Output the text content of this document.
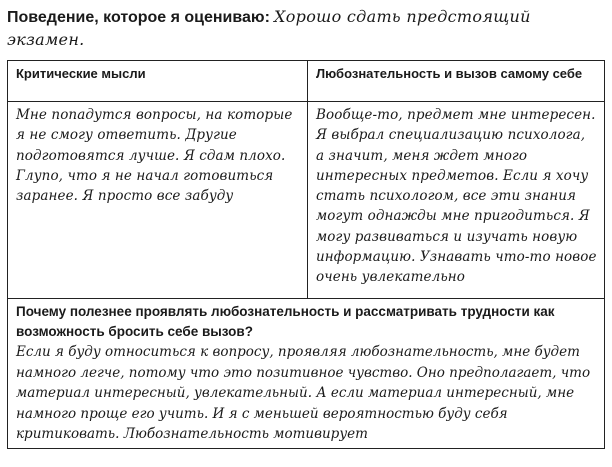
Поведение, которое я оцениваю: Хорошо сдать предстоящий экзамен.
Критические мысли	Любознательность и вызов самому себе
Мне попадутся вопросы, на которые я не смогу ответить. Другие подготовятся лучше. Я сдам плохо. Глупо, что я не начал готовиться заранее. Я просто все забуду	Вообще-то, предмет мне интересен. Я выбрал специализацию психолога, а значит, меня ждет много интересных предметов. Если я хочу стать психологом, все эти знания могут однажды мне пригодиться. Я могу развиваться и изучать новую информацию. Узнавать что-то новое очень увлекательно

Почему полезнее проявлять любознательность и рассматривать трудности как возможность бросить себе вызов?
Если я буду относиться к вопросу, проявляя любознательность, мне будет намного легче, потому что это позитивное чувство. Оно предполагает, что материал интересный, увлекательный. А если материал интересный, мне намного проще его учить. И я с меньшей вероятностью буду себя критиковать. Любознательность мотивирует	
